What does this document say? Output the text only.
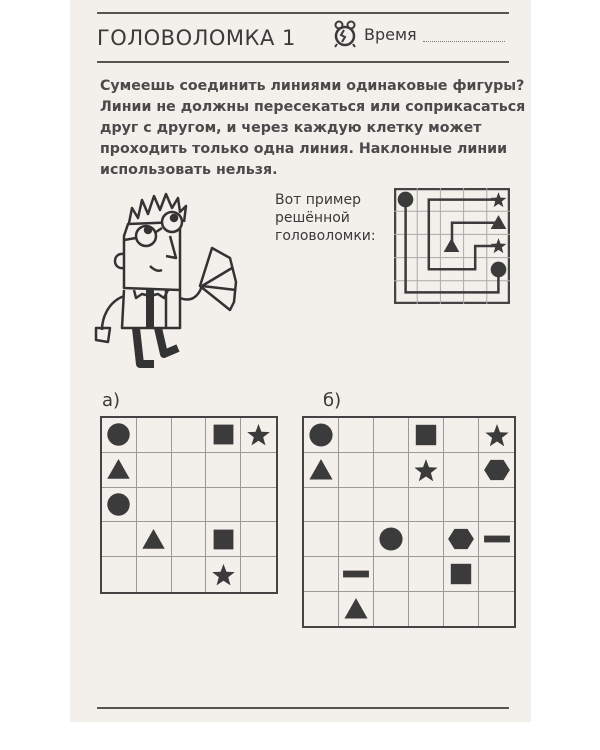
ГОЛОВОЛОМКА 1	Время
Сумеешь соединить линиями одинаковые фигуры? Линии не должны пересекаться или соприкасаться друг с другом, и через каждую клетку может проходить только одна линия. Наклонные линии использовать нельзя.
Вот пример
решённой
головоломки:
а)	б)
